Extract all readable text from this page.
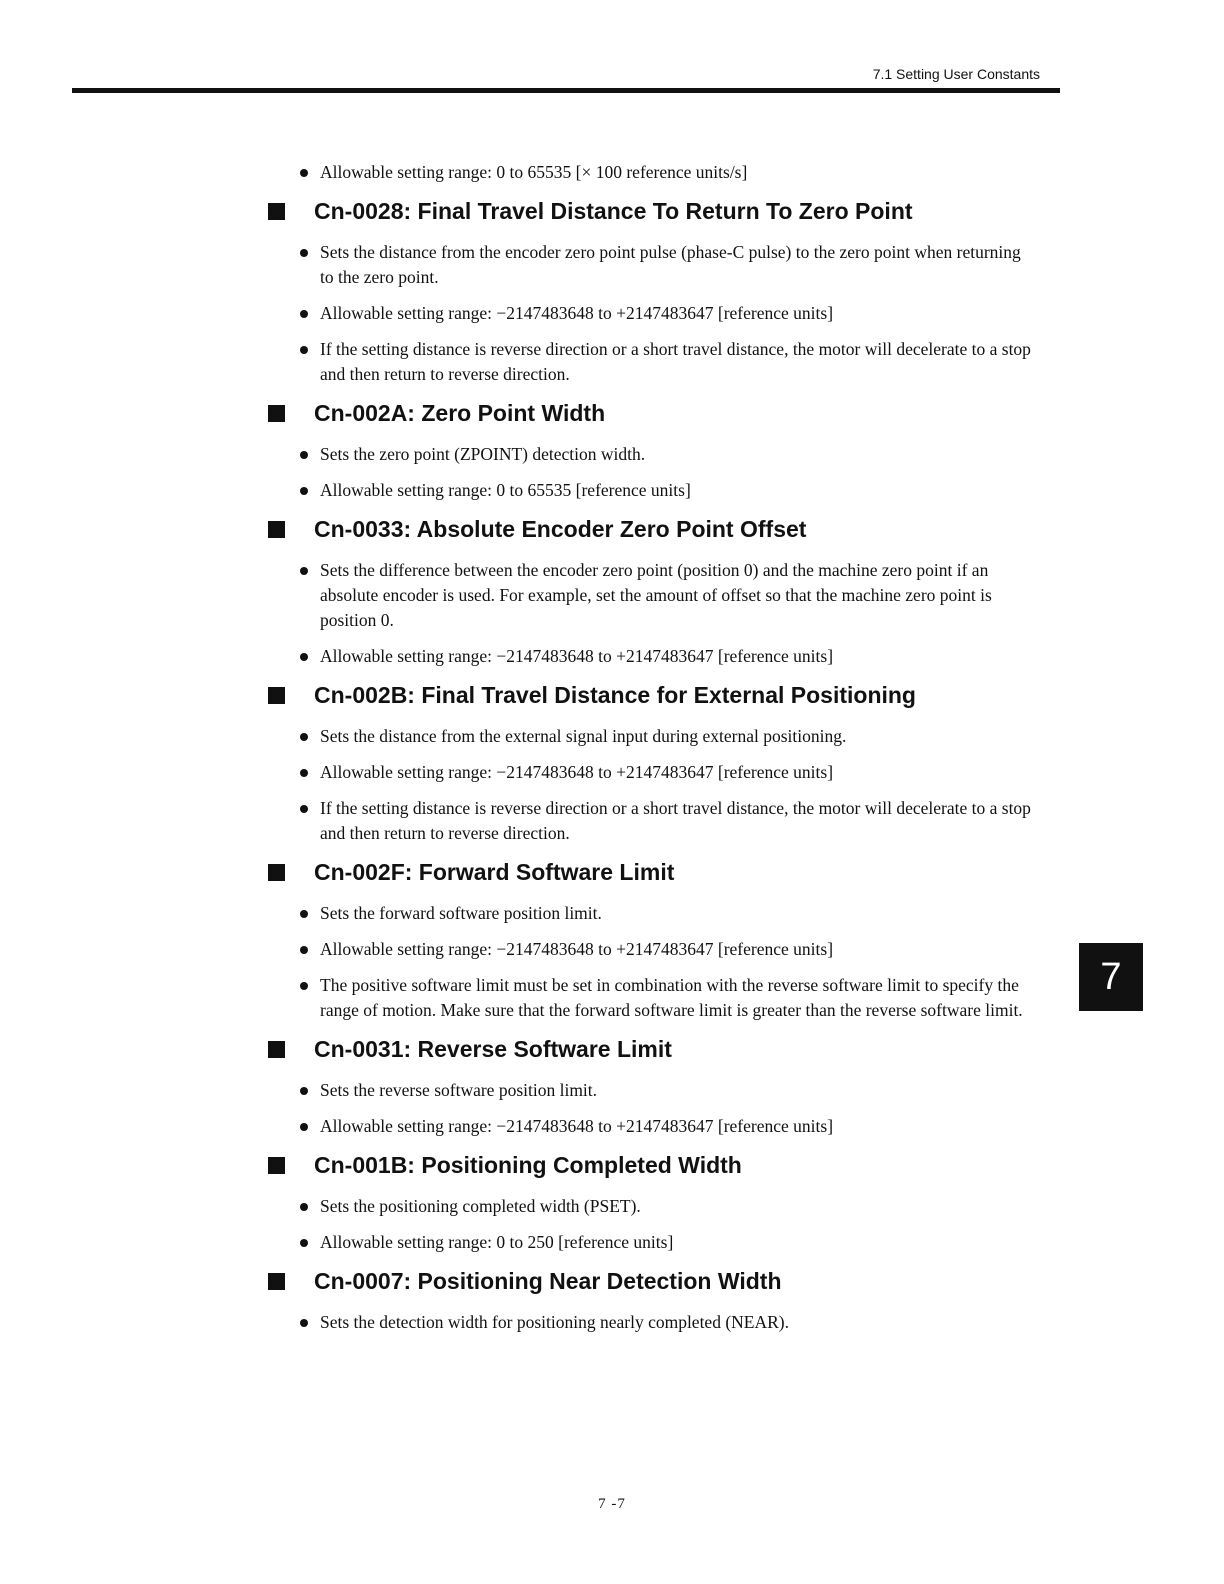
7.1 Setting User Constants
Allowable setting range: 0 to 65535 [× 100 reference units/s]
Cn-0028: Final Travel Distance To Return To Zero Point
Sets the distance from the encoder zero point pulse (phase-C pulse) to the zero point when returning to the zero point.
Allowable setting range: −2147483648 to +2147483647 [reference units]
If the setting distance is reverse direction or a short travel distance, the motor will decelerate to a stop and then return to reverse direction.
Cn-002A: Zero Point Width
Sets the zero point (ZPOINT) detection width.
Allowable setting range: 0 to 65535 [reference units]
Cn-0033: Absolute Encoder Zero Point Offset
Sets the difference between the encoder zero point (position 0) and the machine zero point if an absolute encoder is used. For example, set the amount of offset so that the machine zero point is position 0.
Allowable setting range: −2147483648 to +2147483647 [reference units]
Cn-002B: Final Travel Distance for External Positioning
Sets the distance from the external signal input during external positioning.
Allowable setting range: −2147483648 to +2147483647 [reference units]
If the setting distance is reverse direction or a short travel distance, the motor will decelerate to a stop and then return to reverse direction.
Cn-002F: Forward Software Limit
Sets the forward software position limit.
Allowable setting range: −2147483648 to +2147483647 [reference units]
The positive software limit must be set in combination with the reverse software limit to specify the range of motion. Make sure that the forward software limit is greater than the reverse software limit.
Cn-0031: Reverse Software Limit
Sets the reverse software position limit.
Allowable setting range: −2147483648 to +2147483647 [reference units]
Cn-001B: Positioning Completed Width
Sets the positioning completed width (PSET).
Allowable setting range: 0 to 250 [reference units]
Cn-0007: Positioning Near Detection Width
Sets the detection width for positioning nearly completed (NEAR).
7
7 -7
